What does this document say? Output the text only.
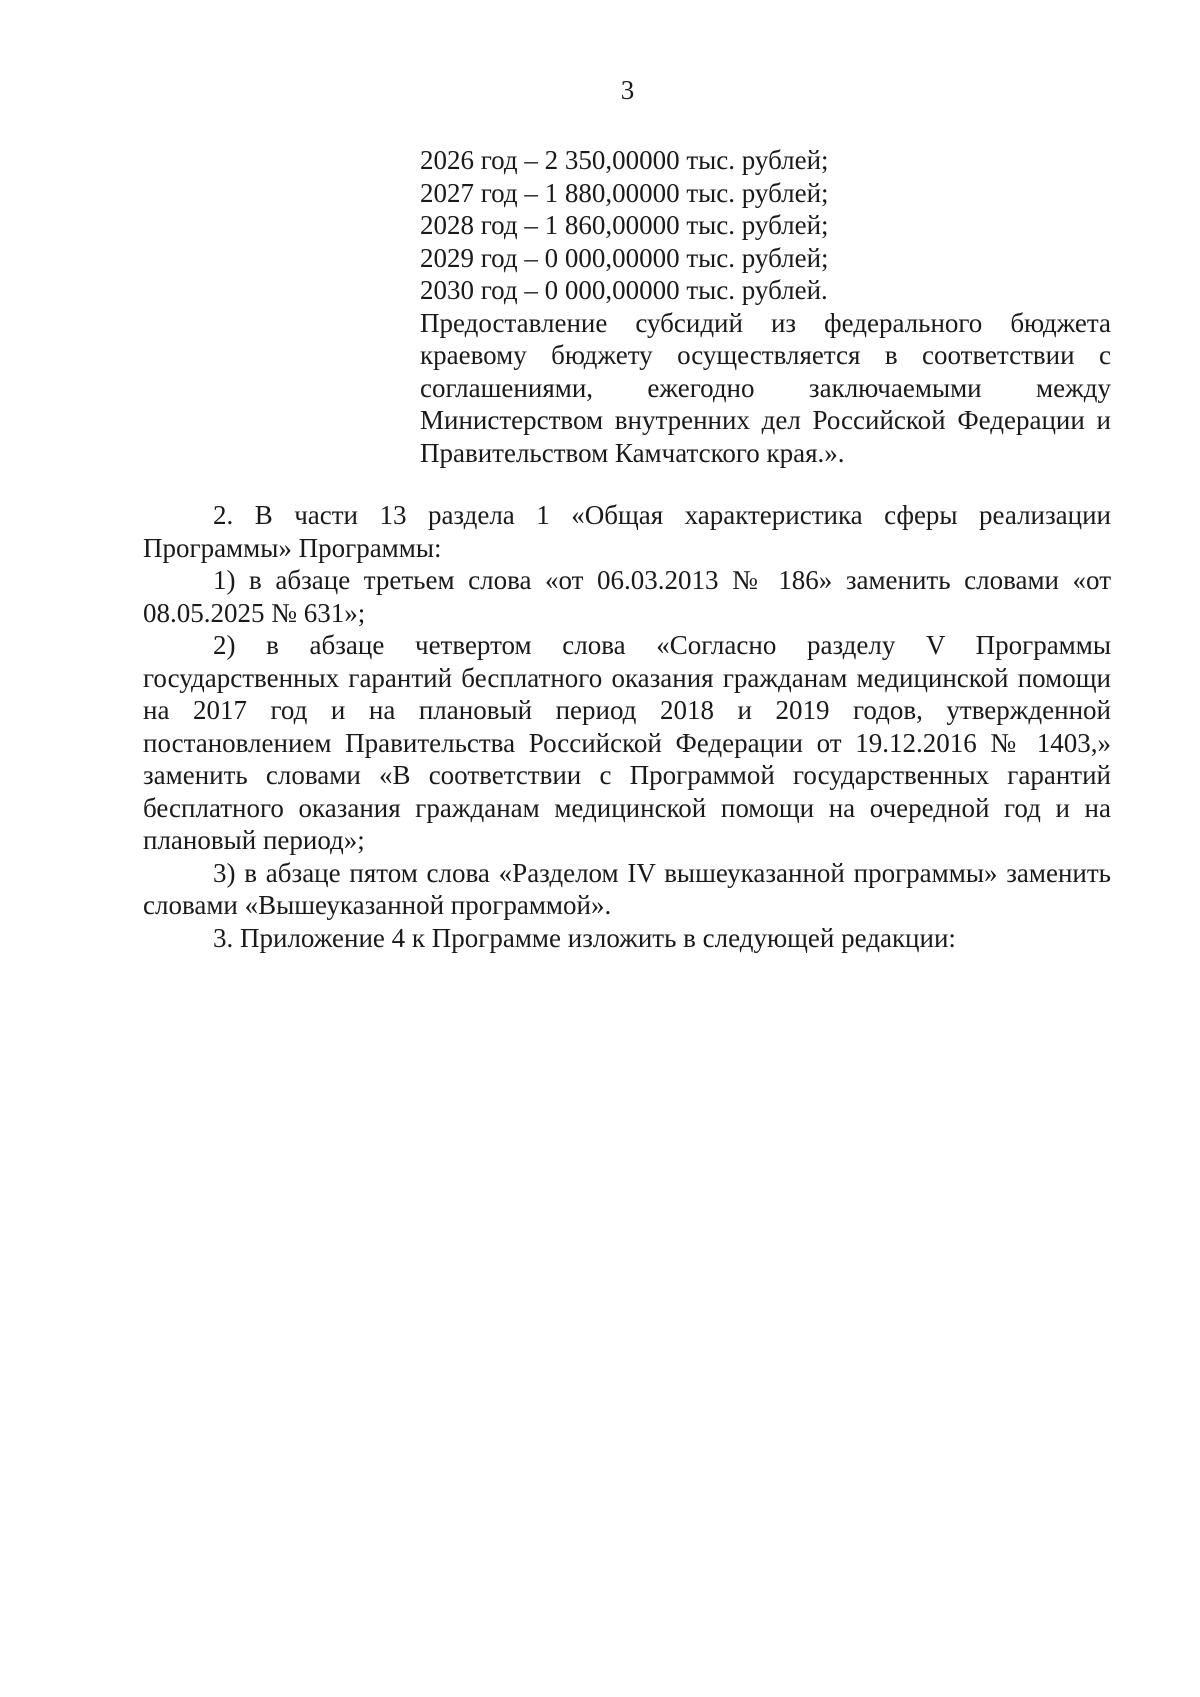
3
2026 год – 2 350,00000 тыс. рублей;
2027 год – 1 880,00000 тыс. рублей;
2028 год – 1 860,00000 тыс. рублей;
2029 год – 0 000,00000 тыс. рублей;
2030 год – 0 000,00000 тыс. рублей.

Предоставление субсидий из федерального бюджета краевому бюджету осуществляется в соответствии с соглашениями, ежегодно заключаемыми между Министерством внутренних дел Российской Федерации и Правительством Камчатского края.».

2. В части 13 раздела 1 «Общая характеристика сферы реализации Программы» Программы:

1) в абзаце третьем слова «от 06.03.2013 № 186» заменить словами «от 08.05.2025 № 631»;

2) в абзаце четвертом слова «Согласно разделу V Программы государственных гарантий бесплатного оказания гражданам медицинской помощи на 2017 год и на плановый период 2018 и 2019 годов, утвержденной постановлением Правительства Российской Федерации от 19.12.2016 № 1403,» заменить словами «В соответствии с Программой государственных гарантий бесплатного оказания гражданам медицинской помощи на очередной год и на плановый период»;

3) в абзаце пятом слова «Разделом IV вышеуказанной программы» заменить словами «Вышеуказанной программой».

3. Приложение 4 к Программе изложить в следующей редакции:
